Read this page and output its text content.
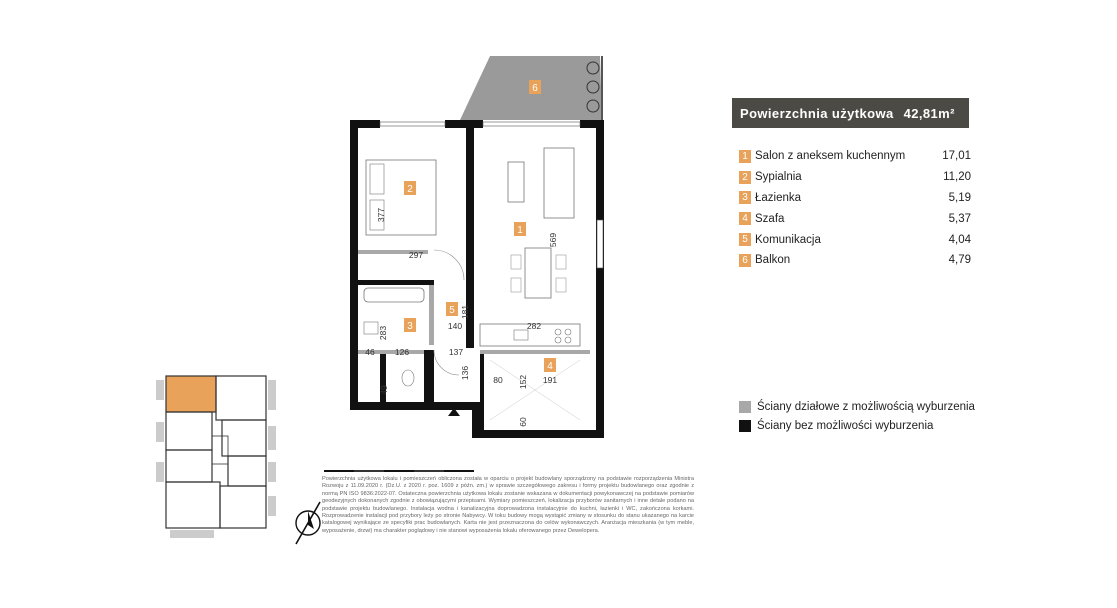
6
2
1
3
4
5
377
297
569
181
140	282
283
46 126	137
136	80 152 191
49
60
Powierzchnia użytkowa 42,81m²
1 Salon z aneksem kuchennym	17,01
2 Sypialnia	11,20
3 Łazienka	5,19
4 Szafa	5,37
5 Komunikacja	4,04
6 Balkon	4,79
Ściany działowe z możliwością wyburzenia
Ściany bez możliwości wyburzenia
Powierzchnia użytkowa lokalu i pomieszczeń obliczona została w oparciu o projekt budowlany sporządzony na podstawie rozporządzenia Ministra Rozwoju z 11.09.2020 r. (Dz.U. z 2020 r. poz. 1609 z późn. zm.) w sprawie szczegółowego zakresu i formy projektu budowlanego oraz zgodnie z normą PN ISO 9836:2022-07. Ostateczna powierzchnia użytkowa lokalu zostanie wskazana w dokumentacji powykonawczej na podstawie pomiarów geodezyjnych dokonanych zgodnie z obowiązującymi przepisami. Wymiary pomieszczeń, lokalizacja przyborów sanitarnych i inne detale podano na podstawie projektu budowlanego. Instalacja wodna i kanalizacyjna doprowadzona instalacyjnie do kuchni, łazienki i WC, zakończona korkami. Rozprowadzenie instalacji pod przybory leży po stronie Nabywcy. W toku budowy mogą wystąpić zmiany w stosunku do stanu ukazanego na karcie katalogowej wynikające ze specyfiki prac budowlanych. Karta nie jest przeznaczona do celów wykonawczych. Aranżacja mieszkania (w tym meble, wyposażenie, drzwi) ma charakter poglądowy i nie stanowi wyposażenia lokalu oferowanego przez Dewelopera.
